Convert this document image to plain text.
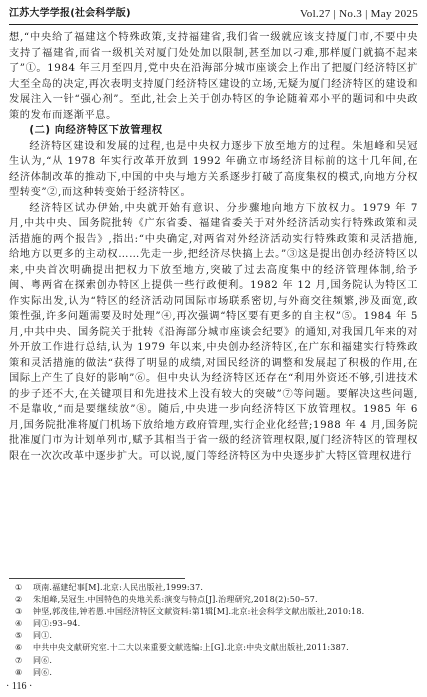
江苏大学学报(社会科学版)	Vol.27 | No.3 | May 2025

想,“中央给了福建这个特殊政策,支持福建省,我们省一级就应该支持厦门市,不要中央支持了福建省,而省一级机关对厦门处处加以限制,甚至加以刁难,那样厦门就搞不起来了”①。1984 年三月至四月,党中央在沿海部分城市座谈会上作出了把厦门经济特区扩大至全岛的决定,再次表明支持厦门经济特区建设的立场,无疑为厦门经济特区的建设和发展注入一针“强心剂”。至此,社会上关于创办特区的争论随着邓小平的题词和中央政策的发布而逐渐平息。

(二) 向经济特区下放管理权

经济特区建设和发展的过程,也是中央权力逐步下放至地方的过程。朱旭峰和吴冠生认为,“从 1978 年实行改革开放到 1992 年确立市场经济目标前的这十几年间,在经济体制改革的推动下,中国的中央与地方关系逐步打破了高度集权的模式,向地方分权型转变”②,而这种转变始于经济特区。

经济特区试办伊始,中央就开始有意识、分步骤地向地方下放权力。1979 年 7 月,中共中央、国务院批转《广东省委、福建省委关于对外经济活动实行特殊政策和灵活措施的两个报告》,指出:“中央确定,对两省对外经济活动实行特殊政策和灵活措施,给地方以更多的主动权……先走一步,把经济尽快搞上去。”③这是提出创办经济特区以来,中央首次明确提出把权力下放至地方,突破了过去高度集中的经济管理体制,给予闽、粤两省在探索创办特区上提供一些行政便利。1982 年 12 月,国务院认为特区工作实际出发,认为“特区的经济活动同国际市场联系密切,与外商交往频繁,涉及面宽,政策性强,许多问题需要及时处理”④,再次强调“特区要有更多的自主权”⑤。1984 年 5 月,中共中央、国务院关于批转《沿海部分城市座谈会纪要》的通知,对我国几年来的对外开放工作进行总结,认为 1979 年以来,中央创办经济特区,在广东和福建实行特殊政策和灵活措施的做法“获得了明显的成绩,对国民经济的调整和发展起了积极的作用,在国际上产生了良好的影响”⑥。但中央认为经济特区还存在“利用外资还不够,引进技术的步子还不大,在关键项目和先进技术上没有较大的突破”⑦等问题。要解决这些问题,不是靠收,“而是要继续放”⑧。随后,中央进一步向经济特区下放管理权。1985 年 6 月,国务院批准将厦门机场下放给地方政府管理,实行企业化经营;1988 年 4 月,国务院批准厦门市为计划单列市,赋予其相当于省一级的经济管理权限,厦门经济特区的管理权限在一次次改革中逐步扩大。可以说,厦门等经济特区为中央逐步扩大特区管理权进行

① 项南.福建纪事[M].北京:人民出版社,1999:37.
② 朱旭峰,吴冠生.中国特色的央地关系:演变与特点[J].治理研究,2018(2):50–57.
③ 钟坚,郭茂佳,钟若愚.中国经济特区文献资料:第1辑[M].北京:社会科学文献出版社,2010:18.
④ 同①:93–94.
⑤ 同①.
⑥ 中共中央文献研究室.十二大以来重要文献选编:上[G].北京:中央文献出版社,2011:387.
⑦ 同⑥.
⑧ 同⑥.
· 116 ·
